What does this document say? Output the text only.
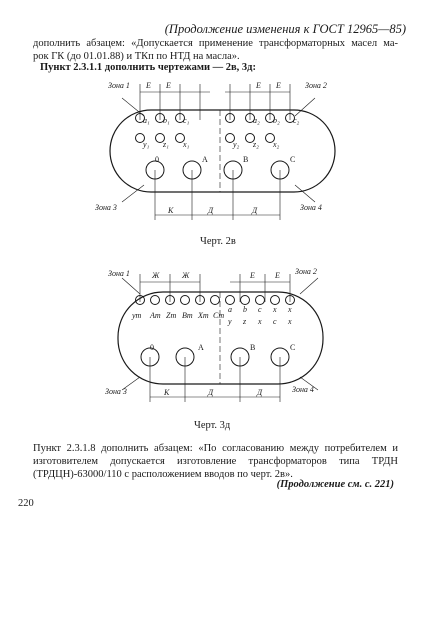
(Продолжение изменения к ГОСТ 12965—85)
дополнить абзацем: «Допускается применение трансформаторных масел ма-
рок ГК (до 01.01.88) и ТКп по НТД на масла».
Пункт 2.3.1.1 дополнить чертежами — 2в, 3д:
Зона 1	Зона 2
Зона 3	Зона 4
Е Е	Е Е
К	Д	Д
a₁ b₁ c₁	a₂ b₂ c₂
y₁ z₁ x₁	y₂ z₂ x₂
0	A	B	C
Черт. 2в
Зона 1	Зона 2
Зона 3	Зона 4
Ж	Ж	Е	Е
К	Д	Д
ym Am Zm Bm Xm Cm
a b c x x
y z x c x
0	A	B	C
Черт. 3д
Пункт 2.3.1.8 дополнить абзацем: «По согласованию между потребителем и
изготовителем допускается изготовление трансформаторов типа ТРДН
(ТРДЦН)-63000/110 с расположением вводов по черт. 2в».
(Продолжение см. с. 221)
220
